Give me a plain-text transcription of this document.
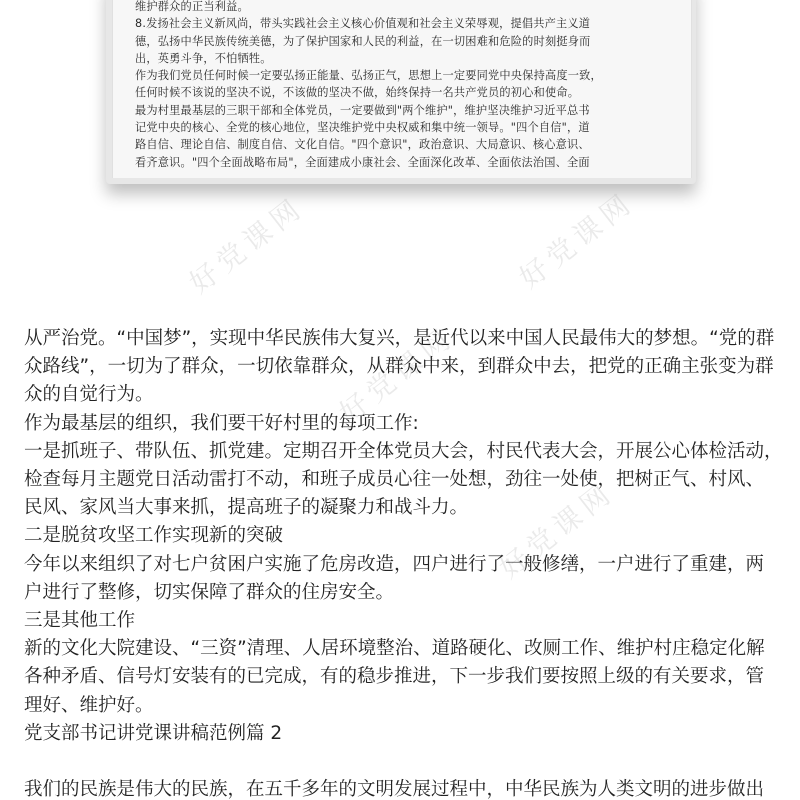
维护群众的正当利益。
8.发扬社会主义新风尚，带头实践社会主义核心价值观和社会主义荣辱观，提倡共产主义道
德，弘扬中华民族传统美德，为了保护国家和人民的利益，在一切困难和危险的时刻挺身而
出，英勇斗争，不怕牺牲。
作为我们党员任何时候一定要弘扬正能量、弘扬正气，思想上一定要同党中央保持高度一致，
任何时候不该说的坚决不说，不该做的坚决不做，始终保持一名共产党员的初心和使命。
最为村里最基层的三职干部和全体党员，一定要做到"两个维护"，维护坚决维护习近平总书
记党中央的核心、全党的核心地位，坚决维护党中央权威和集中统一领导。"四个自信"，道
路自信、理论自信、制度自信、文化自信。"四个意识"，政治意识、大局意识、核心意识、
看齐意识。"四个全面战略布局"，全面建成小康社会、全面深化改革、全面依法治国、全面
好党课网	好党课网
好党课网
好党课网
从严治党。“中国梦”，实现中华民族伟大复兴，是近代以来中国人民最伟大的梦想。“党的群
众路线”，一切为了群众，一切依靠群众，从群众中来，到群众中去，把党的正确主张变为群
众的自觉行为。
作为最基层的组织，我们要干好村里的每项工作:
一是抓班子、带队伍、抓党建。定期召开全体党员大会，村民代表大会，开展公心体检活动，
检查每月主题党日活动雷打不动，和班子成员心往一处想，劲往一处使，把树正气、村风、
民风、家风当大事来抓，提高班子的凝聚力和战斗力。
二是脱贫攻坚工作实现新的突破
今年以来组织了对七户贫困户实施了危房改造，四户进行了一般修缮，一户进行了重建，两
户进行了整修，切实保障了群众的住房安全。
三是其他工作
新的文化大院建设、“三资”清理、人居环境整治、道路硬化、改厕工作、维护村庄稳定化解
各种矛盾、信号灯安装有的已完成，有的稳步推进，下一步我们要按照上级的有关要求，管
理好、维护好。
党支部书记讲党课讲稿范例篇 2
我们的民族是伟大的民族，在五千多年的文明发展过程中，中华民族为人类文明的进步做出
